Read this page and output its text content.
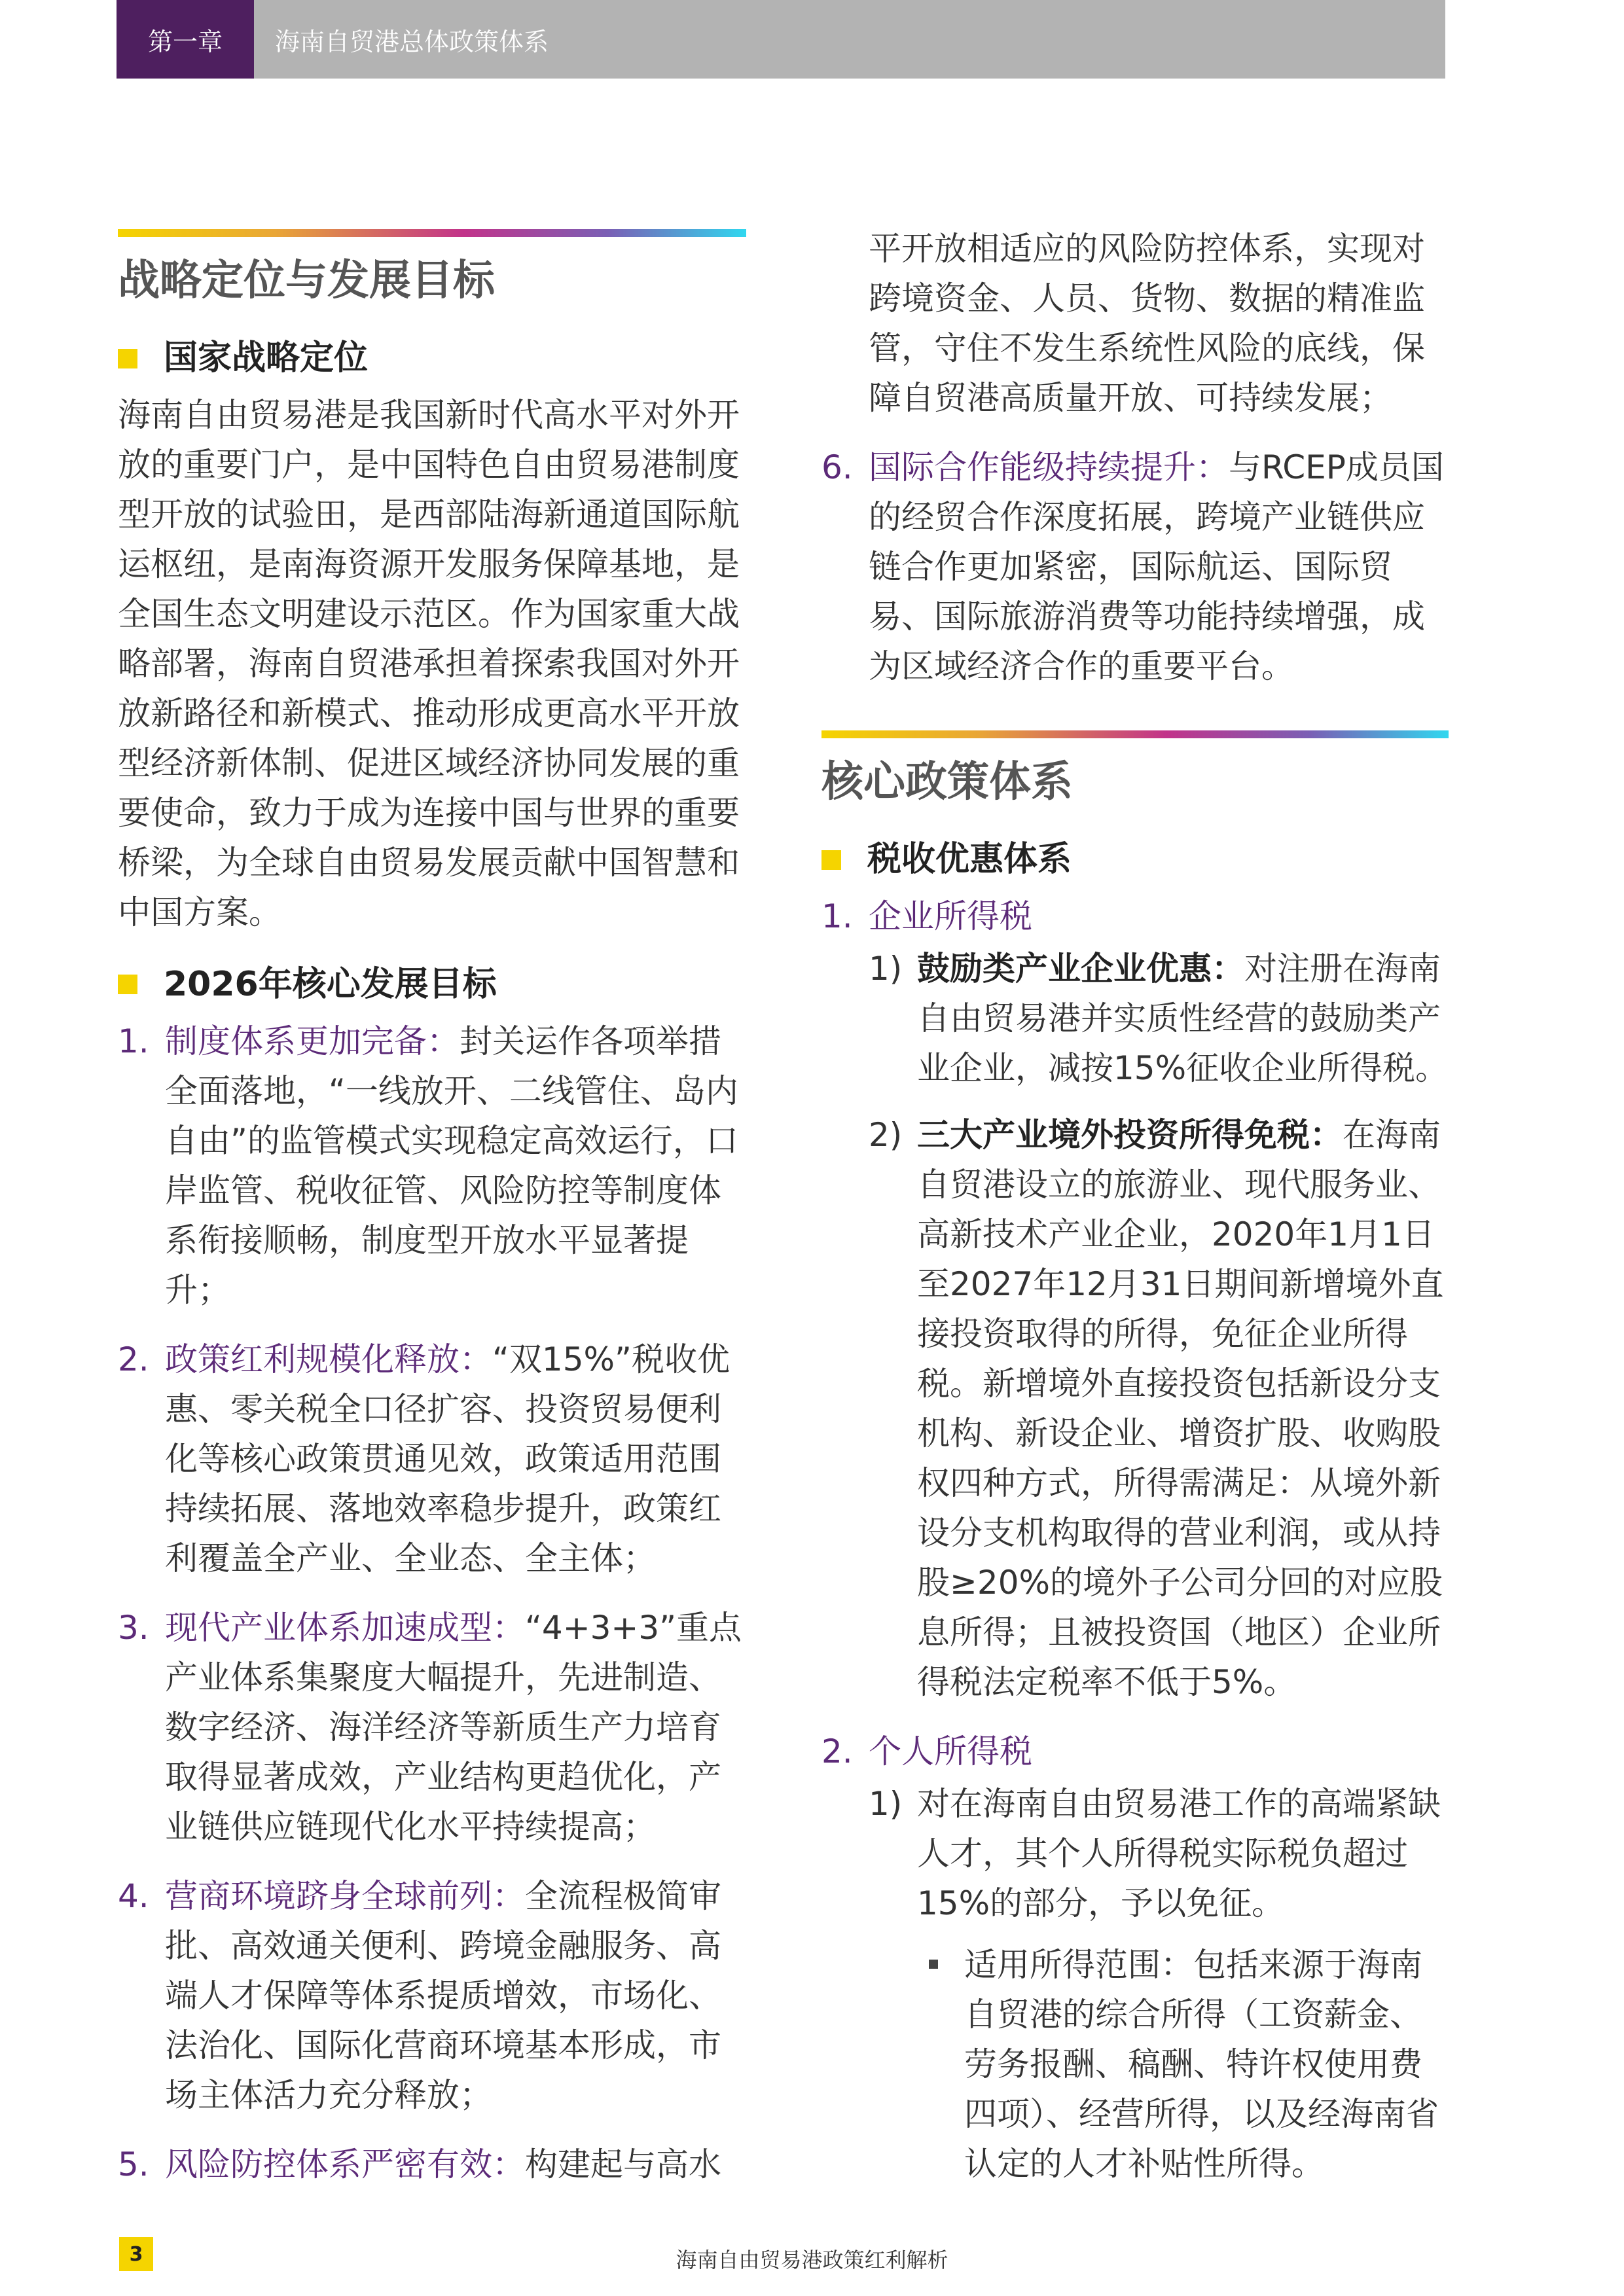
第一章	海南自贸港总体政策体系
战略定位与发展目标
国家战略定位

海南自由贸易港是我国新时代高水平对外开放的重要门户，是中国特色自由贸易港制度型开放的试验田，是西部陆海新通道国际航运枢纽，是南海资源开发服务保障基地，是全国生态文明建设示范区。作为国家重大战略部署，海南自贸港承担着探索我国对外开放新路径和新模式、推动形成更高水平开放型经济新体制、促进区域经济协同发展的重要使命，致力于成为连接中国与世界的重要桥梁，为全球自由贸易发展贡献中国智慧和中国方案。

2026年核心发展目标
1. 制度体系更加完备：封关运作各项举措全面落地，“一线放开、二线管住、岛内自由”的监管模式实现稳定高效运行，口岸监管、税收征管、风险防控等制度体系衔接顺畅，制度型开放水平显著提升；
2. 政策红利规模化释放：“双15%”税收优惠、零关税全口径扩容、投资贸易便利化等核心政策贯通见效，政策适用范围持续拓展、落地效率稳步提升，政策红利覆盖全产业、全业态、全主体；
3. 现代产业体系加速成型：“4+3+3”重点产业体系集聚度大幅提升，先进制造、数字经济、海洋经济等新质生产力培育取得显著成效，产业结构更趋优化，产业链供应链现代化水平持续提高；
4. 营商环境跻身全球前列：全流程极简审批、高效通关便利、跨境金融服务、高端人才保障等体系提质增效，市场化、法治化、国际化营商环境基本形成，市场主体活力充分释放；
5. 风险防控体系严密有效：构建起与高水

平开放相适应的风险防控体系，实现对跨境资金、人员、货物、数据的精准监管，守住不发生系统性风险的底线，保障自贸港高质量开放、可持续发展；

6. 国际合作能级持续提升：与RCEP成员国的经贸合作深度拓展，跨境产业链供应链合作更加紧密，国际航运、国际贸易、国际旅游消费等功能持续增强，成为区域经济合作的重要平台。
核心政策体系
税收优惠体系
1. 企业所得税
1) 鼓励类产业企业优惠：对注册在海南自由贸易港并实质性经营的鼓励类产业企业，减按15%征收企业所得税。
2) 三大产业境外投资所得免税：在海南自贸港设立的旅游业、现代服务业、高新技术产业企业，2020年1月1日至2027年12月31日期间新增境外直接投资取得的所得，免征企业所得税。新增境外直接投资包括新设分支机构、新设企业、增资扩股、收购股权四种方式，所得需满足：从境外新设分支机构取得的营业利润，或从持股≥20%的境外子公司分回的对应股息所得；且被投资国（地区）企业所得税法定税率不低于5%。
2. 个人所得税
1) 对在海南自由贸易港工作的高端紧缺人才，其个人所得税实际税负超过15%的部分，予以免征。
适用所得范围：包括来源于海南自贸港的综合所得（工资薪金、劳务报酬、稿酬、特许权使用费四项）、经营所得，以及经海南省认定的人才补贴性所得。
3	海南自由贸易港政策红利解析
